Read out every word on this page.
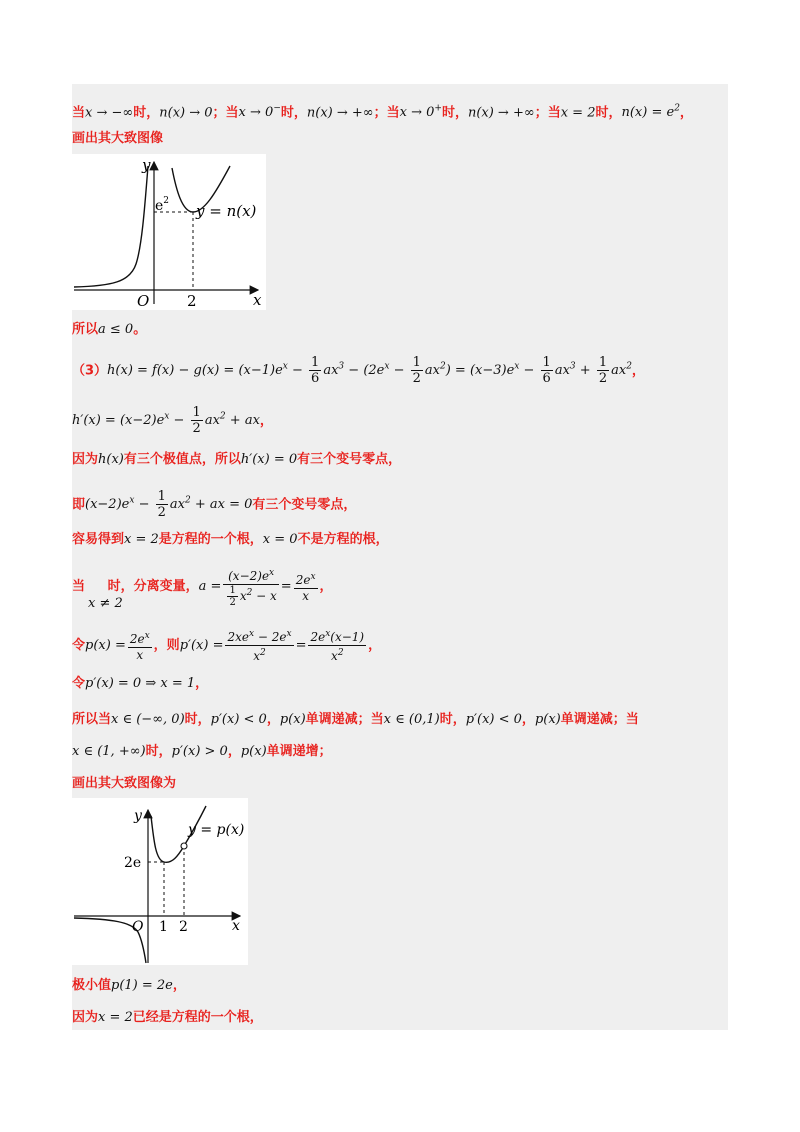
当x → −∞时，n(x) → 0；当x → 0−时，n(x) → +∞；当x → 0+时，n(x) → +∞；当x = 2时，$n(x) = e^2$，
画出其大致图像
y
x
O	2
$e^2$
y = n(x)
所以a ≤ 0。
$(3)h(x) = f(x) - g(x) = (x-1)e^x - \frac{1}{6} ax^3 - (2e^x - \frac{1}{2} ax^2) = (x-3)e^x - \frac{1}{6} ax^3 + \frac{1}{2} ax^2$，
$h'(x) = (x-2)e^x - \frac{1}{2} ax^2$ + ax，
因为h(x)有三个极值点，所以h′(x) = 0有三个变号零点，
即$(x-2)e^x - \frac{1}{2} ax^2$ + ax = 0有三个变号零点，
容易得到x = 2是方程的一个根，x = 0不是方程的根，
当 时，分离变量，$a = \frac{(x-2)e^x}{\frac{1}{2} x^2 - x} = \frac{2e^x}{x}$ ，
x ≠ 2
令$p(x) = \frac{2e^x}{x}$ ，则$p'(x) = \frac{2xe^x - 2e^x}{x^2} = \frac{2e^x(x-1)}{x^2}$ ，
令p′(x) = 0 ⇒ x = 1，
所以当x ∈ (−∞, 0)时，p′(x) < 0，p(x)单调递减；当x ∈ (0,1)时，p′(x) < 0，p(x)单调递减；当
x ∈ (1, +∞)时，p′(x) > 0，p(x)单调递增；
画出其大致图像为
y
x
O 1 2
2e
y = p(x)
极小值p(1) = 2e，
因为x = 2已经是方程的一个根，
